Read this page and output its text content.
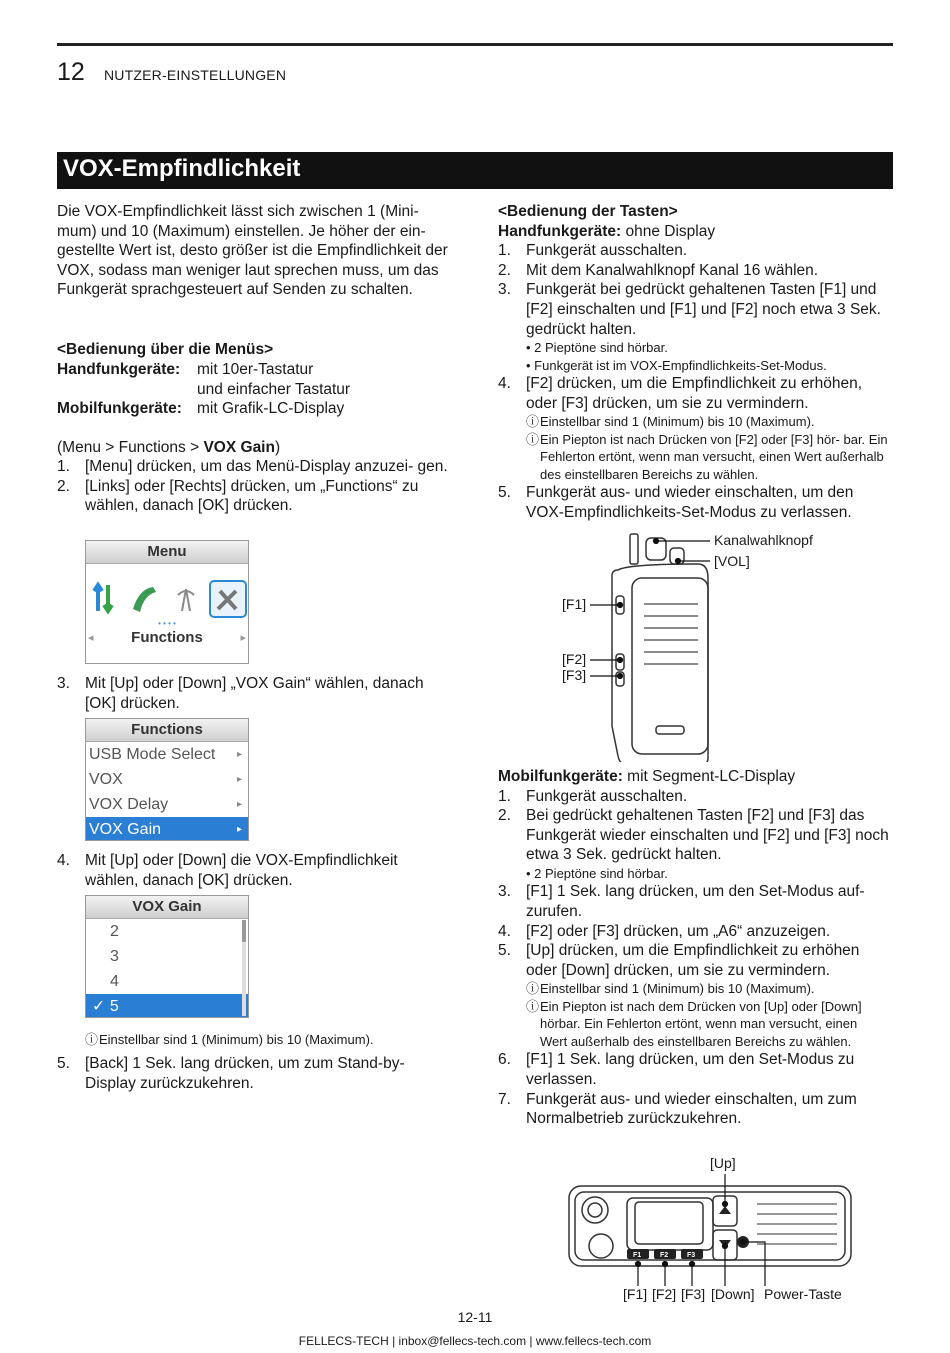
12 NUTZER-EINSTELLUNGEN
VOX-Empfindlichkeit

Die VOX-Empfindlichkeit lässt sich zwischen 1 (Mini- mum) und 10 (Maximum) einstellen. Je höher der ein- gestellte Wert ist, desto größer ist die Empfindlichkeit der VOX, sodass man weniger laut sprechen muss, um das Funkgerät sprachgesteuert auf Senden zu schalten.

<Bedienung über die Menüs>

Handfunkgeräte: mit 10er-Tastatur
und einfacher Tastatur
Mobilfunkgeräte: mit Grafik-LC-Display

(Menu > Functions > VOX Gain)

1. [Menu] drücken, um das Menü-Display anzuzei- gen.
2. [Links] oder [Rechts] drücken, um „Functions“ zu wählen, danach [OK] drücken.
Menu
• • • •
Functions
◂	▸
3. Mit [Up] oder [Down] „VOX Gain“ wählen, danach [OK] drücken.
Functions
USB Mode Select ▸
VOX	▸
VOX Delay	▸
VOX Gain	▸
4. Mit [Up] oder [Down] die VOX-Empfindlichkeit wählen, danach [OK] drücken.
VOX Gain
2
3
4
✓ 5
ⓘ Einstellbar sind 1 (Minimum) bis 10 (Maximum).
5. [Back] 1 Sek. lang drücken, um zum Stand-by- Display zurückzukehren.

<Bedienung der Tasten>

Handfunkgeräte: ohne Display

1. Funkgerät ausschalten.
2. Mit dem Kanalwahlknopf Kanal 16 wählen.
3. Funkgerät bei gedrückt gehaltenen Tasten [F1] und [F2] einschalten und [F1] und [F2] noch etwa 3 Sek. gedrückt halten.
• 2 Pieptöne sind hörbar.
• Funkgerät ist im VOX-Empfindlichkeits-Set-Modus.
4. [F2] drücken, um die Empfindlichkeit zu erhöhen, oder [F3] drücken, um sie zu vermindern.
ⓘ Einstellbar sind 1 (Minimum) bis 10 (Maximum).
ⓘ Ein Piepton ist nach Drücken von [F2] oder [F3] hör- bar. Ein Fehlerton ertönt, wenn man versucht, einen Wert außerhalb des einstellbaren Bereichs zu wählen.
5. Funkgerät aus- und wieder einschalten, um den VOX-Empfindlichkeits-Set-Modus zu verlassen.
Kanalwahlknopf
[VOL]
[F1]
[F2]
[F3]

Mobilfunkgeräte: mit Segment-LC-Display

1. Funkgerät ausschalten.
2. Bei gedrückt gehaltenen Tasten [F2] und [F3] das Funkgerät wieder einschalten und [F2] und [F3] noch etwa 3 Sek. gedrückt halten.
• 2 Pieptöne sind hörbar.
3. [F1] 1 Sek. lang drücken, um den Set-Modus auf- zurufen.
4. [F2] oder [F3] drücken, um „A6“ anzuzeigen.
5. [Up] drücken, um die Empfindlichkeit zu erhöhen oder [Down] drücken, um sie zu vermindern.
ⓘ Einstellbar sind 1 (Minimum) bis 10 (Maximum).
ⓘ Ein Piepton ist nach dem Drücken von [Up] oder [Down] hörbar. Ein Fehlerton ertönt, wenn man versucht, einen Wert außerhalb des einstellbaren Bereichs zu wählen.
6. [F1] 1 Sek. lang drücken, um den Set-Modus zu verlassen.
7. Funkgerät aus- und wieder einschalten, um zum Normalbetrieb zurückzukehren.
[Up]
F1	F2	F3
[F1] [F2] [F3] [Down] Power-Taste
12-11
FELLECS-TECH | inbox@fellecs-tech.com | www.fellecs-tech.com
